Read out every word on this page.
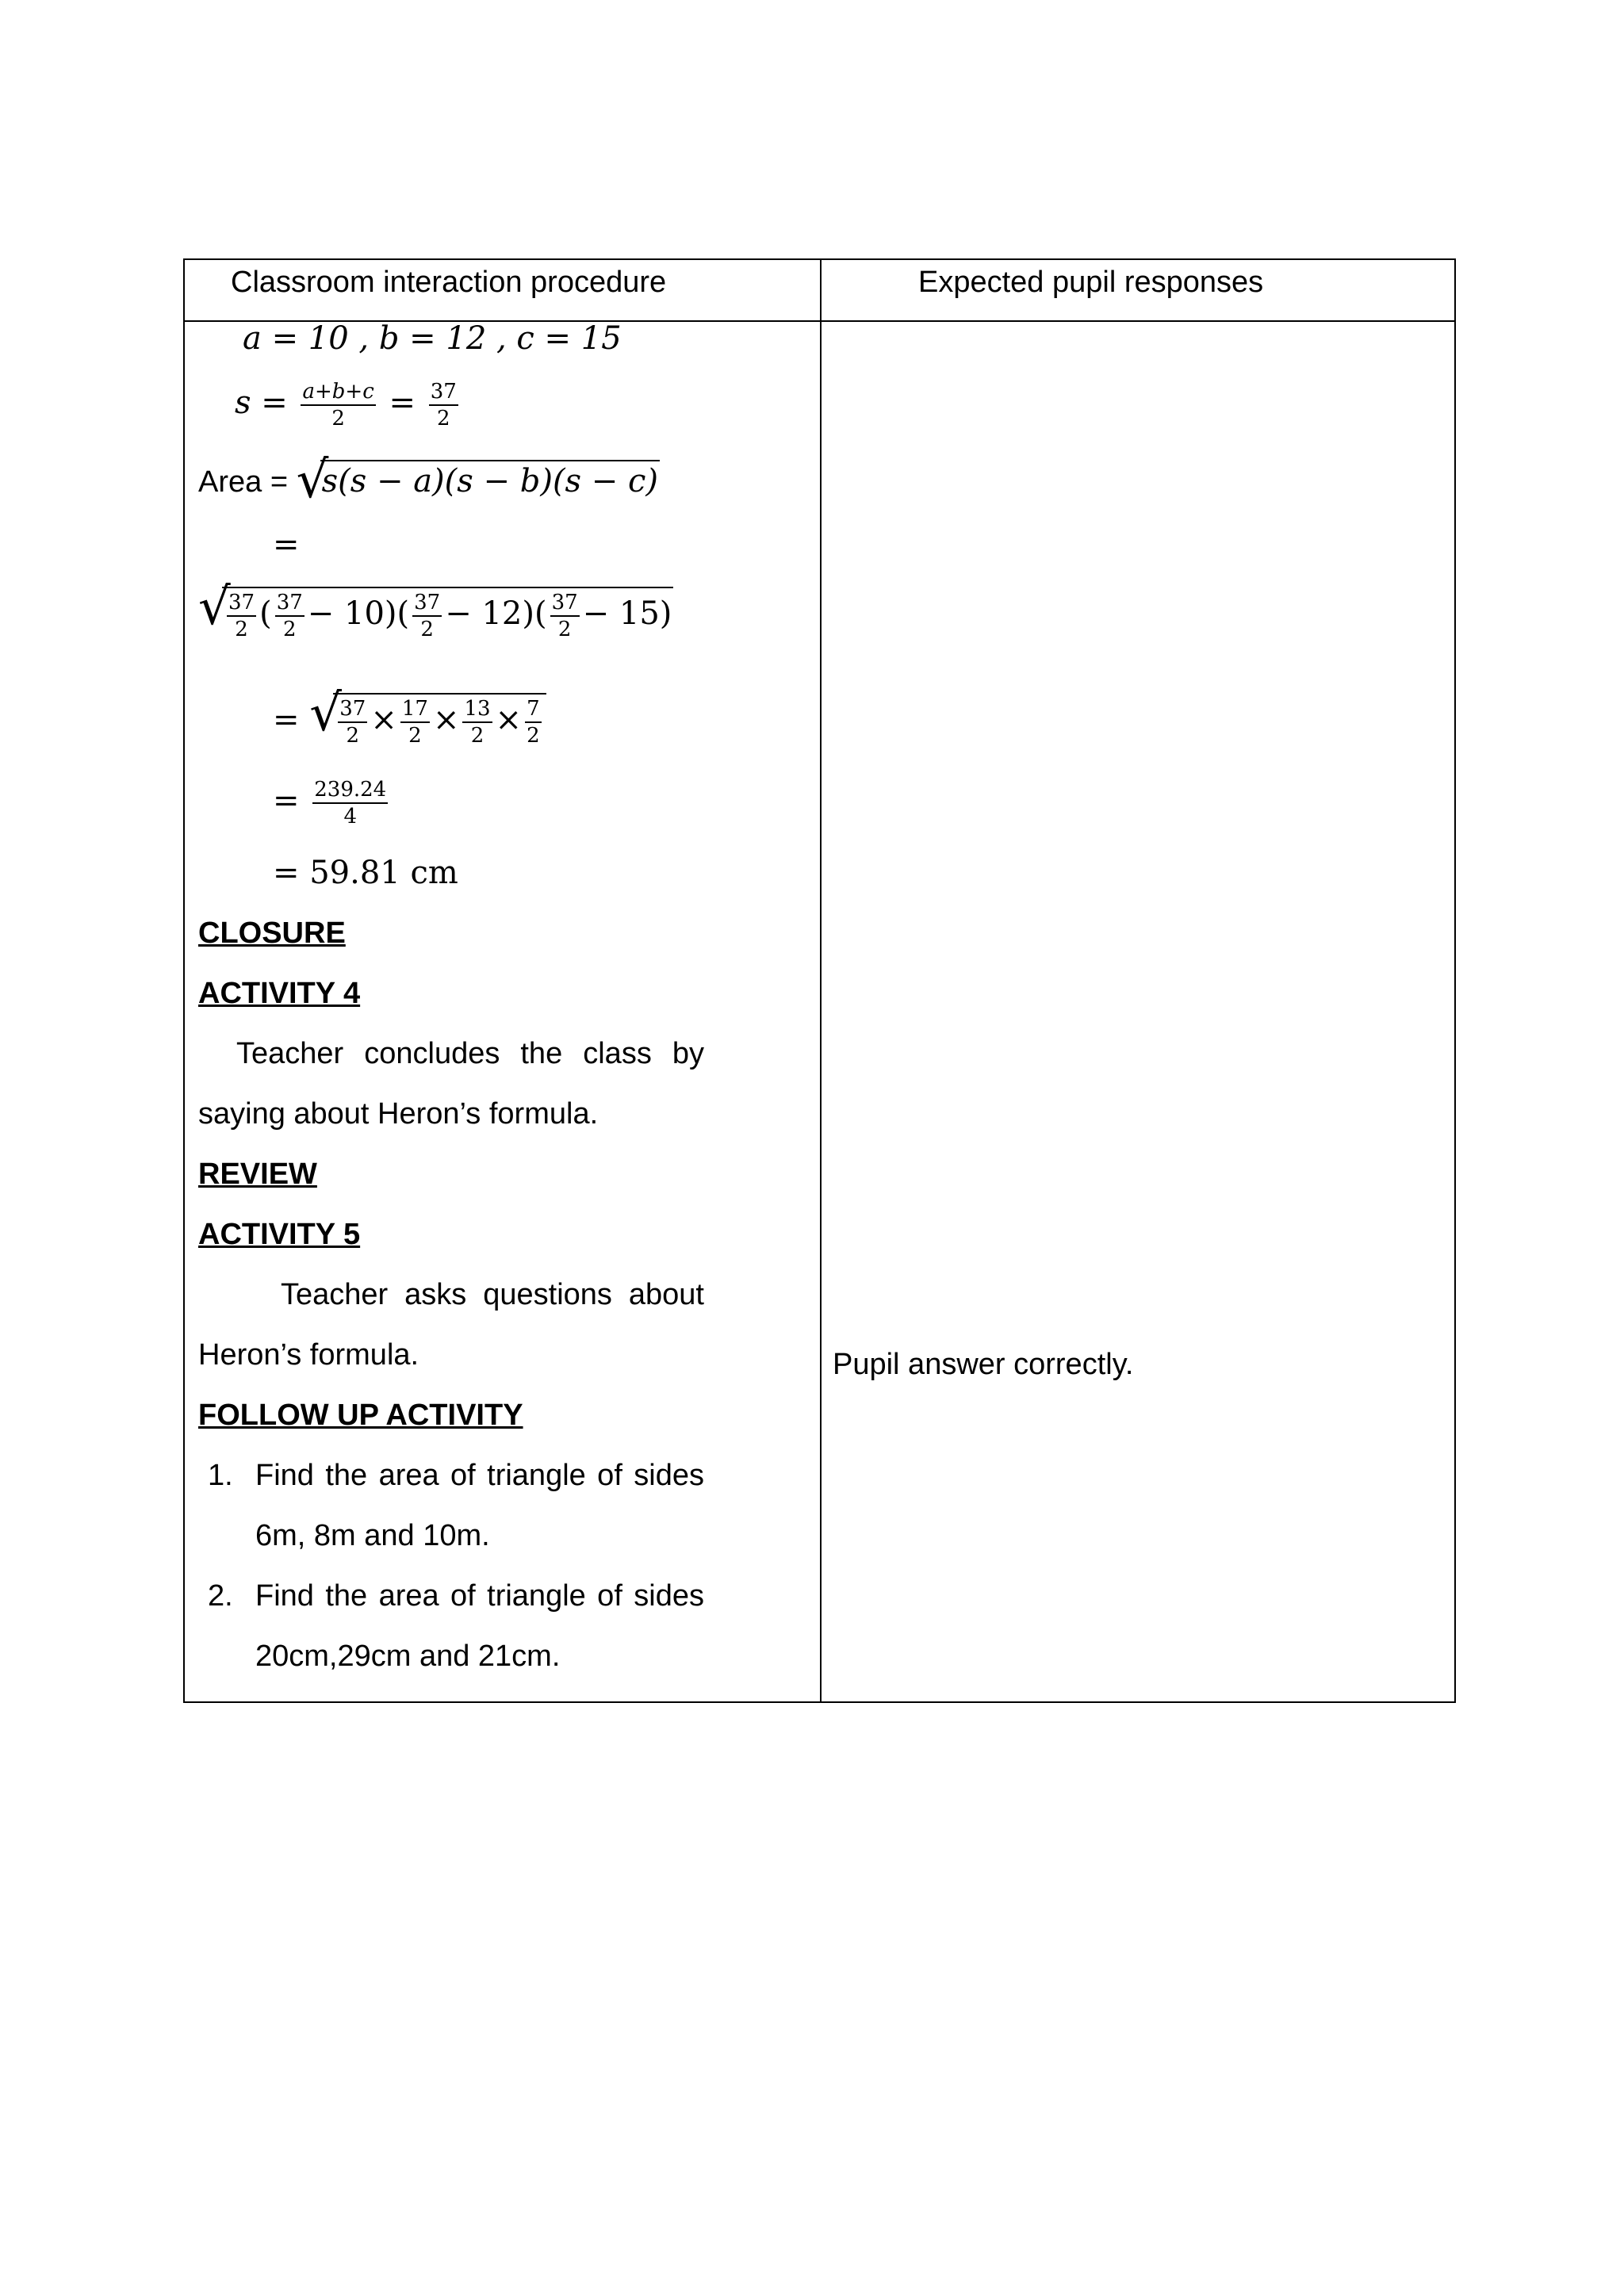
Classroom interaction procedure	Expected pupil responses
a = 10 , b = 12 , c = 15
$s = \frac{a+b+c}{2} = \frac{37}{2}$
Area = √
s(s − a)(s − b)(s − c)
=
√
$\frac{37}{2}$ ( $\frac{37}{2} - 10)( \frac{37}{2} - 12)( \frac{37}{2} - 15)$
= √
$\frac{37}{2} \times \frac{17}{2} \times \frac{13}{2} \times \frac{7}{2}$
= $\frac{239.24}{4}$
= 59.81 cm
CLOSURE
ACTIVITY 4
Teacher concludes the class by
saying about Heron’s formula.
REVIEW
ACTIVITY 5
Teacher asks questions about
Heron’s formula.
FOLLOW UP ACTIVITY
1. Find the area of triangle of sides
6m, 8m and 10m.
2. Find the area of triangle of sides
20cm,29cm and 21cm.
Pupil answer correctly.
